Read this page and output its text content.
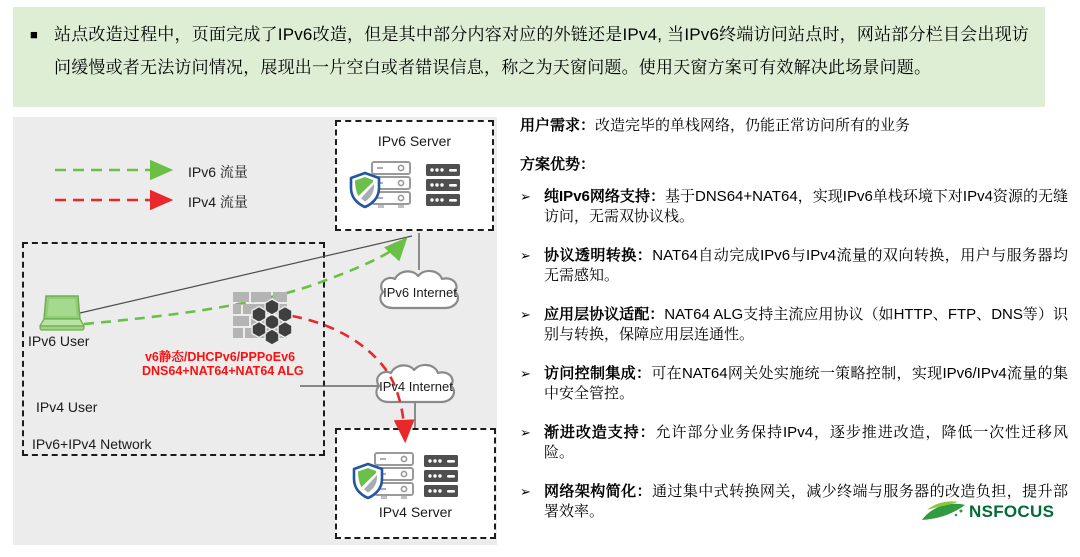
■ 站点改造过程中，页面完成了IPv6改造，但是其中部分内容对应的外链还是IPv4, 当IPv6终端访问站点时，网站部分栏目会出现访问缓慢或者无法访问情况，展现出一片空白或者错误信息，称之为天窗问题。使用天窗方案可有效解决此场景问题。
IPv6 流量
IPv4 流量
IPv6 Server
IPv4 Server
IPv6 Internet
IPv4 Internet
IPv6 User
IPv4 User
IPv6+IPv4 Network
v6静态/DHCPv6/PPPoEv6
DNS64+NAT64+NAT64 ALG
用户需求：改造完毕的单栈网络，仍能正常访问所有的业务
方案优势：
➢ 纯IPv6网络支持：基于DNS64+NAT64，实现IPv6单栈环境下对IPv4资源的无缝访问，无需双协议栈。
➢ 协议透明转换：NAT64自动完成IPv6与IPv4流量的双向转换，用户与服务器均无需感知。
➢ 应用层协议适配：NAT64 ALG支持主流应用协议（如HTTP、FTP、DNS等）识别与转换，保障应用层连通性。
➢ 访问控制集成：可在NAT64网关处实施统一策略控制，实现IPv6/IPv4流量的集中安全管控。
➢ 渐进改造支持：允许部分业务保持IPv4，逐步推进改造，降低一次性迁移风险。
➢ 网络架构简化：通过集中式转换网关，减少终端与服务器的改造负担，提升部署效率。	NSFOCUS
